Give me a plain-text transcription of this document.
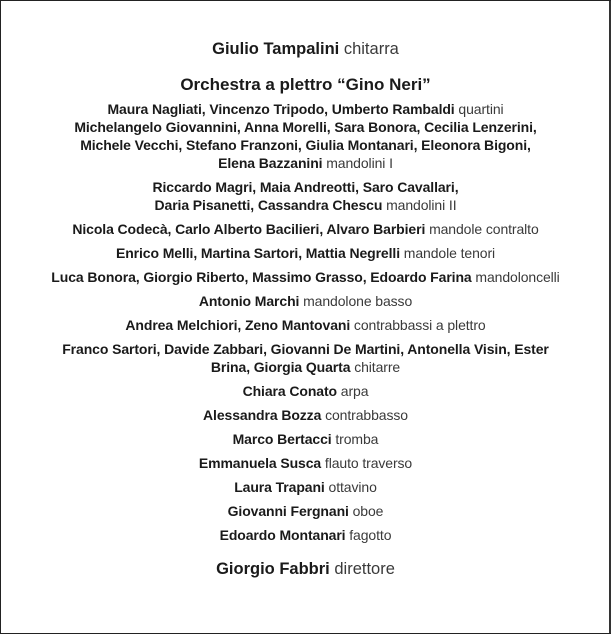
Giulio Tampalini chitarra
Orchestra a plettro “Gino Neri”
Maura Nagliati, Vincenzo Tripodo, Umberto Rambaldi quartini
Michelangelo Giovannini, Anna Morelli, Sara Bonora, Cecilia Lenzerini,
Michele Vecchi, Stefano Franzoni, Giulia Montanari, Eleonora Bigoni,
Elena Bazzanini mandolini I
Riccardo Magri, Maia Andreotti, Saro Cavallari,
Daria Pisanetti, Cassandra Chescu mandolini II
Nicola Codecà, Carlo Alberto Bacilieri, Alvaro Barbieri mandole contralto
Enrico Melli, Martina Sartori, Mattia Negrelli mandole tenori
Luca Bonora, Giorgio Riberto, Massimo Grasso, Edoardo Farina mandoloncelli
Antonio Marchi mandolone basso
Andrea Melchiori, Zeno Mantovani contrabbassi a plettro
Franco Sartori, Davide Zabbari, Giovanni De Martini, Antonella Visin, Ester
Brina, Giorgia Quarta chitarre
Chiara Conato arpa
Alessandra Bozza contrabbasso
Marco Bertacci tromba
Emmanuela Susca flauto traverso
Laura Trapani ottavino
Giovanni Fergnani oboe
Edoardo Montanari fagotto
Giorgio Fabbri direttore
